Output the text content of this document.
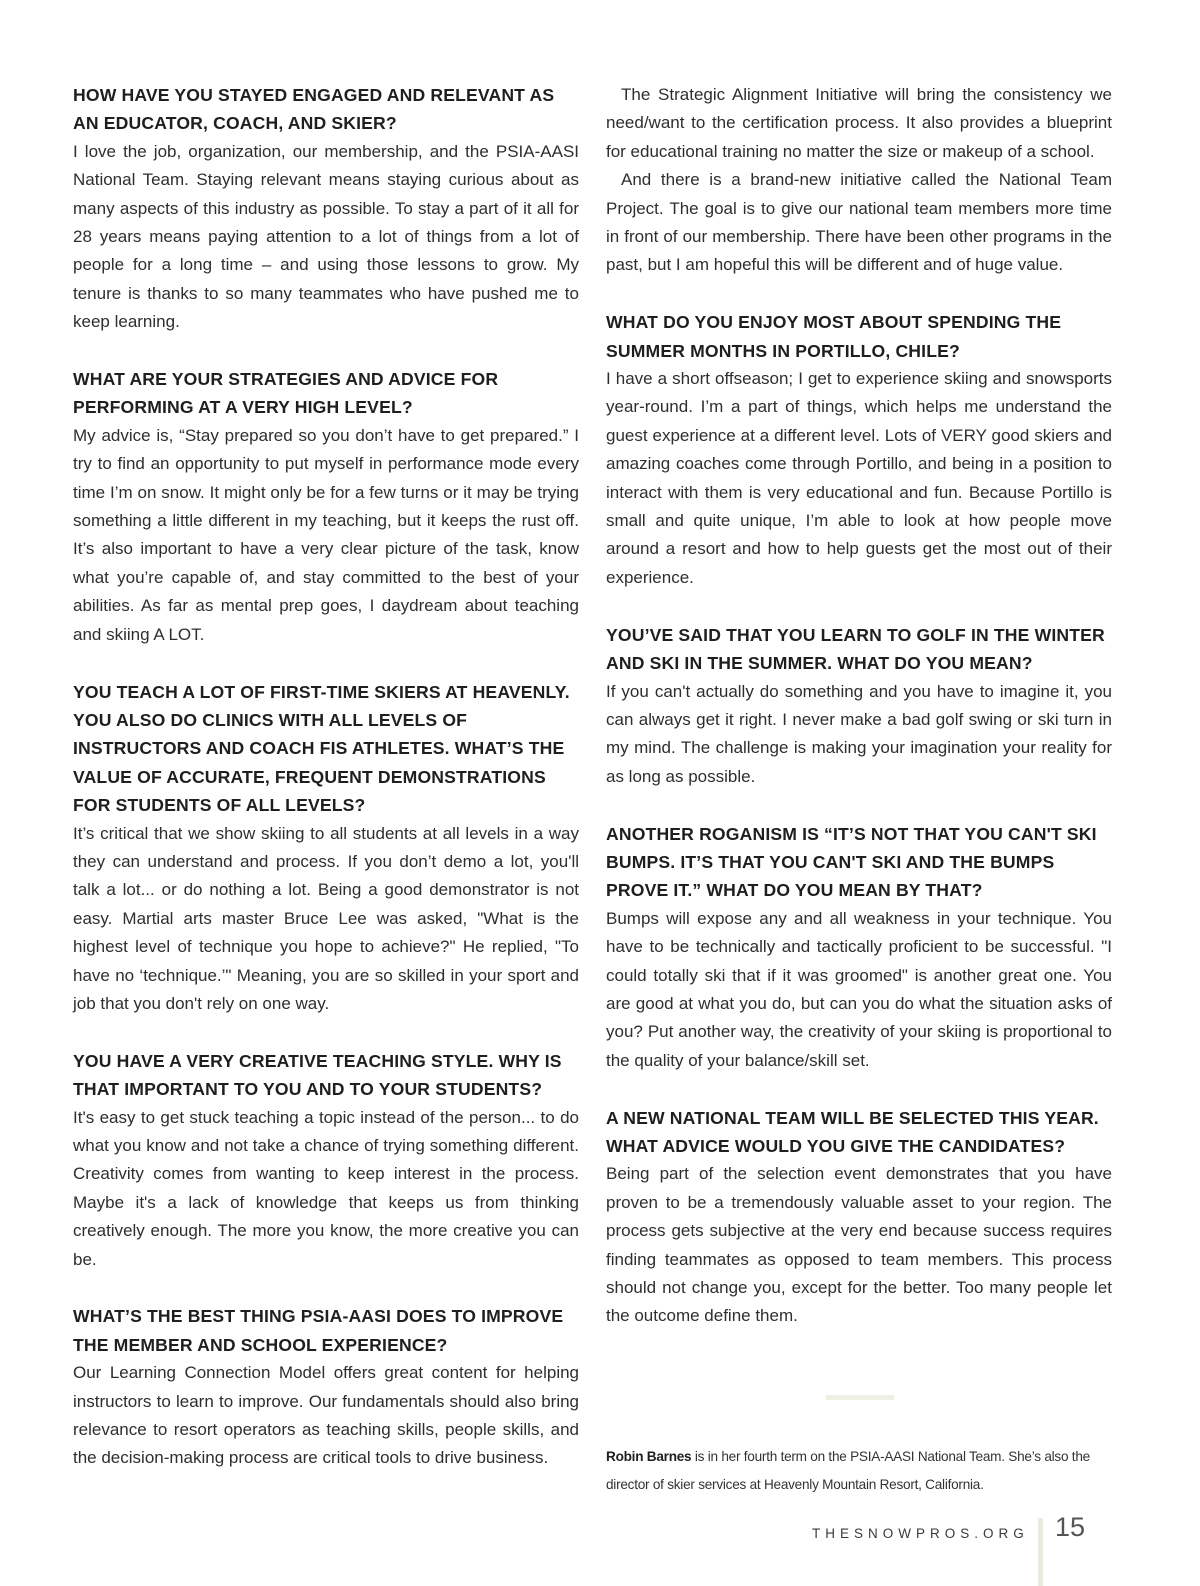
HOW HAVE YOU STAYED ENGAGED AND RELEVANT AS AN EDUCATOR, COACH, AND SKIER?

I love the job, organization, our membership, and the PSIA-AASI National Team. Staying relevant means staying curious about as many aspects of this industry as possible. To stay a part of it all for 28 years means paying attention to a lot of things from a lot of people for a long time – and using those lessons to grow. My tenure is thanks to so many teammates who have pushed me to keep learning.

WHAT ARE YOUR STRATEGIES AND ADVICE FOR PERFORMING AT A VERY HIGH LEVEL?

My advice is, “Stay prepared so you don’t have to get prepared.” I try to find an opportunity to put myself in performance mode every time I’m on snow. It might only be for a few turns or it may be trying something a little different in my teaching, but it keeps the rust off. It’s also important to have a very clear picture of the task, know what you’re capable of, and stay committed to the best of your abilities. As far as mental prep goes, I daydream about teaching and skiing A LOT.

YOU TEACH A LOT OF FIRST-TIME SKIERS AT HEAVENLY. YOU ALSO DO CLINICS WITH ALL LEVELS OF INSTRUCTORS AND COACH FIS ATHLETES. WHAT’S THE VALUE OF ACCURATE, FREQUENT DEMONSTRATIONS FOR STUDENTS OF ALL LEVELS?

It’s critical that we show skiing to all students at all levels in a way they can understand and process. If you don’t demo a lot, you'll talk a lot... or do nothing a lot. Being a good demonstrator is not easy. Martial arts master Bruce Lee was asked, "What is the highest level of technique you hope to achieve?" He replied, "To have no ‘technique.’" Meaning, you are so skilled in your sport and job that you don't rely on one way.

YOU HAVE A VERY CREATIVE TEACHING STYLE. WHY IS THAT IMPORTANT TO YOU AND TO YOUR STUDENTS?

It's easy to get stuck teaching a topic instead of the person... to do what you know and not take a chance of trying something different. Creativity comes from wanting to keep interest in the process. Maybe it's a lack of knowledge that keeps us from thinking creatively enough. The more you know, the more creative you can be.

WHAT’S THE BEST THING PSIA-AASI DOES TO IMPROVE THE MEMBER AND SCHOOL EXPERIENCE?

Our Learning Connection Model offers great content for helping instructors to learn to improve. Our fundamentals should also bring relevance to resort operators as teaching skills, people skills, and the decision-making process are critical tools to drive business.

The Strategic Alignment Initiative will bring the consistency we need/want to the certification process. It also provides a blueprint for educational training no matter the size or makeup of a school.

And there is a brand-new initiative called the National Team Project. The goal is to give our national team members more time in front of our membership. There have been other programs in the past, but I am hopeful this will be different and of huge value.

WHAT DO YOU ENJOY MOST ABOUT SPENDING THE SUMMER MONTHS IN PORTILLO, CHILE?

I have a short offseason; I get to experience skiing and snowsports year-round. I’m a part of things, which helps me understand the guest experience at a different level. Lots of VERY good skiers and amazing coaches come through Portillo, and being in a position to interact with them is very educational and fun. Because Portillo is small and quite unique, I’m able to look at how people move around a resort and how to help guests get the most out of their experience.

YOU’VE SAID THAT YOU LEARN TO GOLF IN THE WINTER AND SKI IN THE SUMMER. WHAT DO YOU MEAN?

If you can't actually do something and you have to imagine it, you can always get it right. I never make a bad golf swing or ski turn in my mind. The challenge is making your imagination your reality for as long as possible.

ANOTHER ROGANISM IS “IT’S NOT THAT YOU CAN'T SKI BUMPS. IT’S THAT YOU CAN'T SKI AND THE BUMPS PROVE IT.” WHAT DO YOU MEAN BY THAT?

Bumps will expose any and all weakness in your technique. You have to be technically and tactically proficient to be successful. "I could totally ski that if it was groomed" is another great one. You are good at what you do, but can you do what the situation asks of you? Put another way, the creativity of your skiing is proportional to the quality of your balance/skill set.

A NEW NATIONAL TEAM WILL BE SELECTED THIS YEAR. WHAT ADVICE WOULD YOU GIVE THE CANDIDATES?

Being part of the selection event demonstrates that you have proven to be a tremendously valuable asset to your region. The process gets subjective at the very end because success requires finding teammates as opposed to team members. This process should not change you, except for the better. Too many people let the outcome define them.

Robin Barnes is in her fourth term on the PSIA-AASI National Team. She’s also the director of skier services at Heavenly Mountain Resort, California.
THESNOWPROS.ORG 15
